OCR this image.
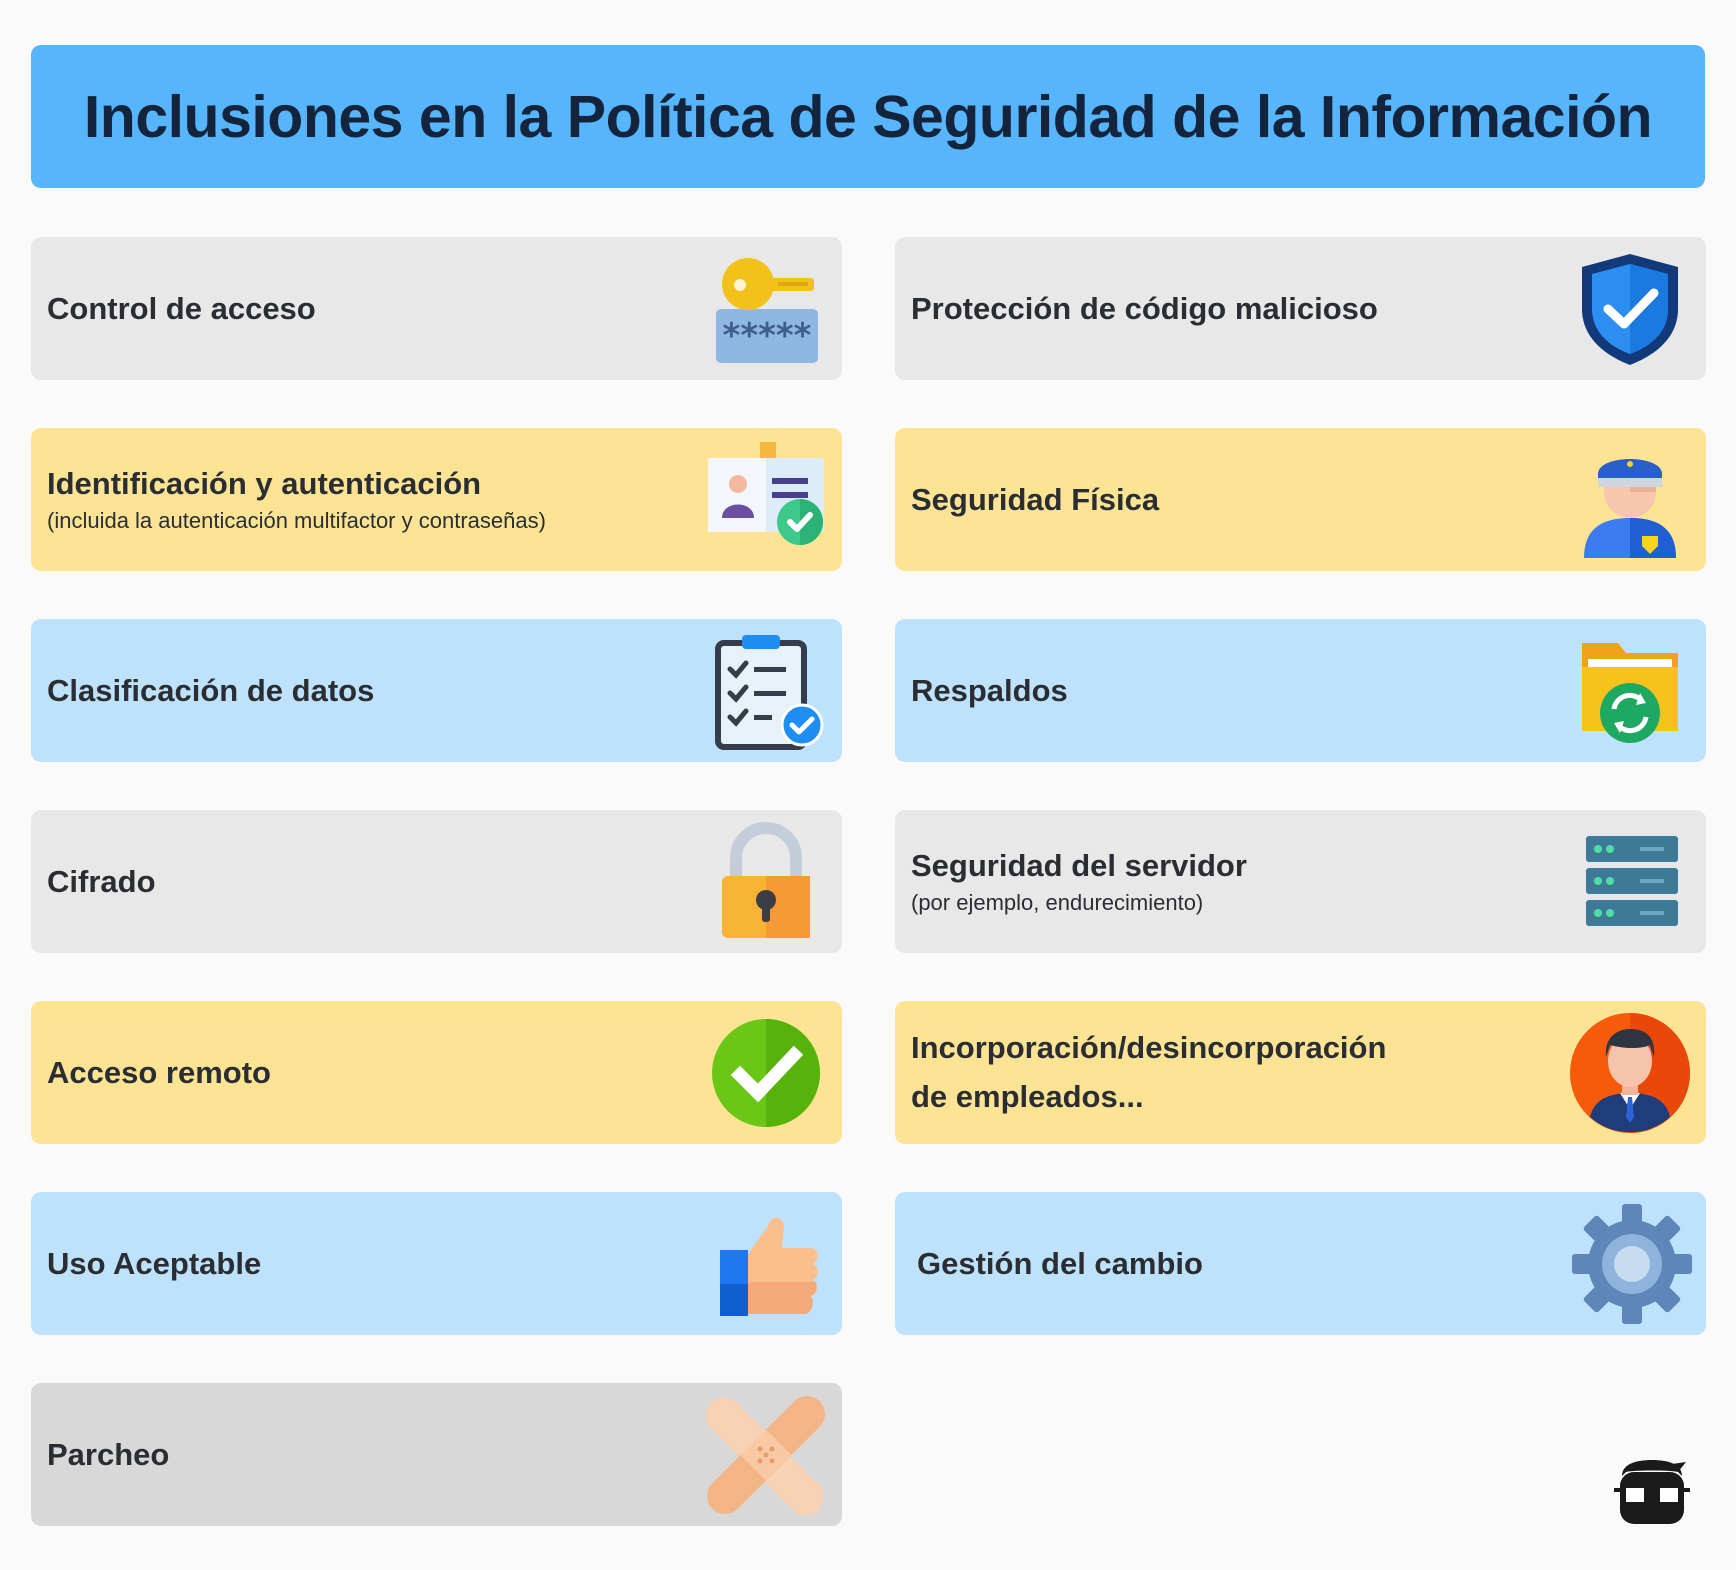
Inclusiones en la Política de Seguridad de la Información
Control de acceso
*****
Protección de código malicioso
Identificación y autenticación
(incluida la autenticación multifactor y contraseñas)
Seguridad Física
Clasificación de datos	Respaldos
Cifrado	Seguridad del servidor
(por ejemplo, endurecimiento)
Acceso remoto
Incorporación/desincorporación
de empleados...
Uso Aceptable	Gestión del cambio
Parcheo
